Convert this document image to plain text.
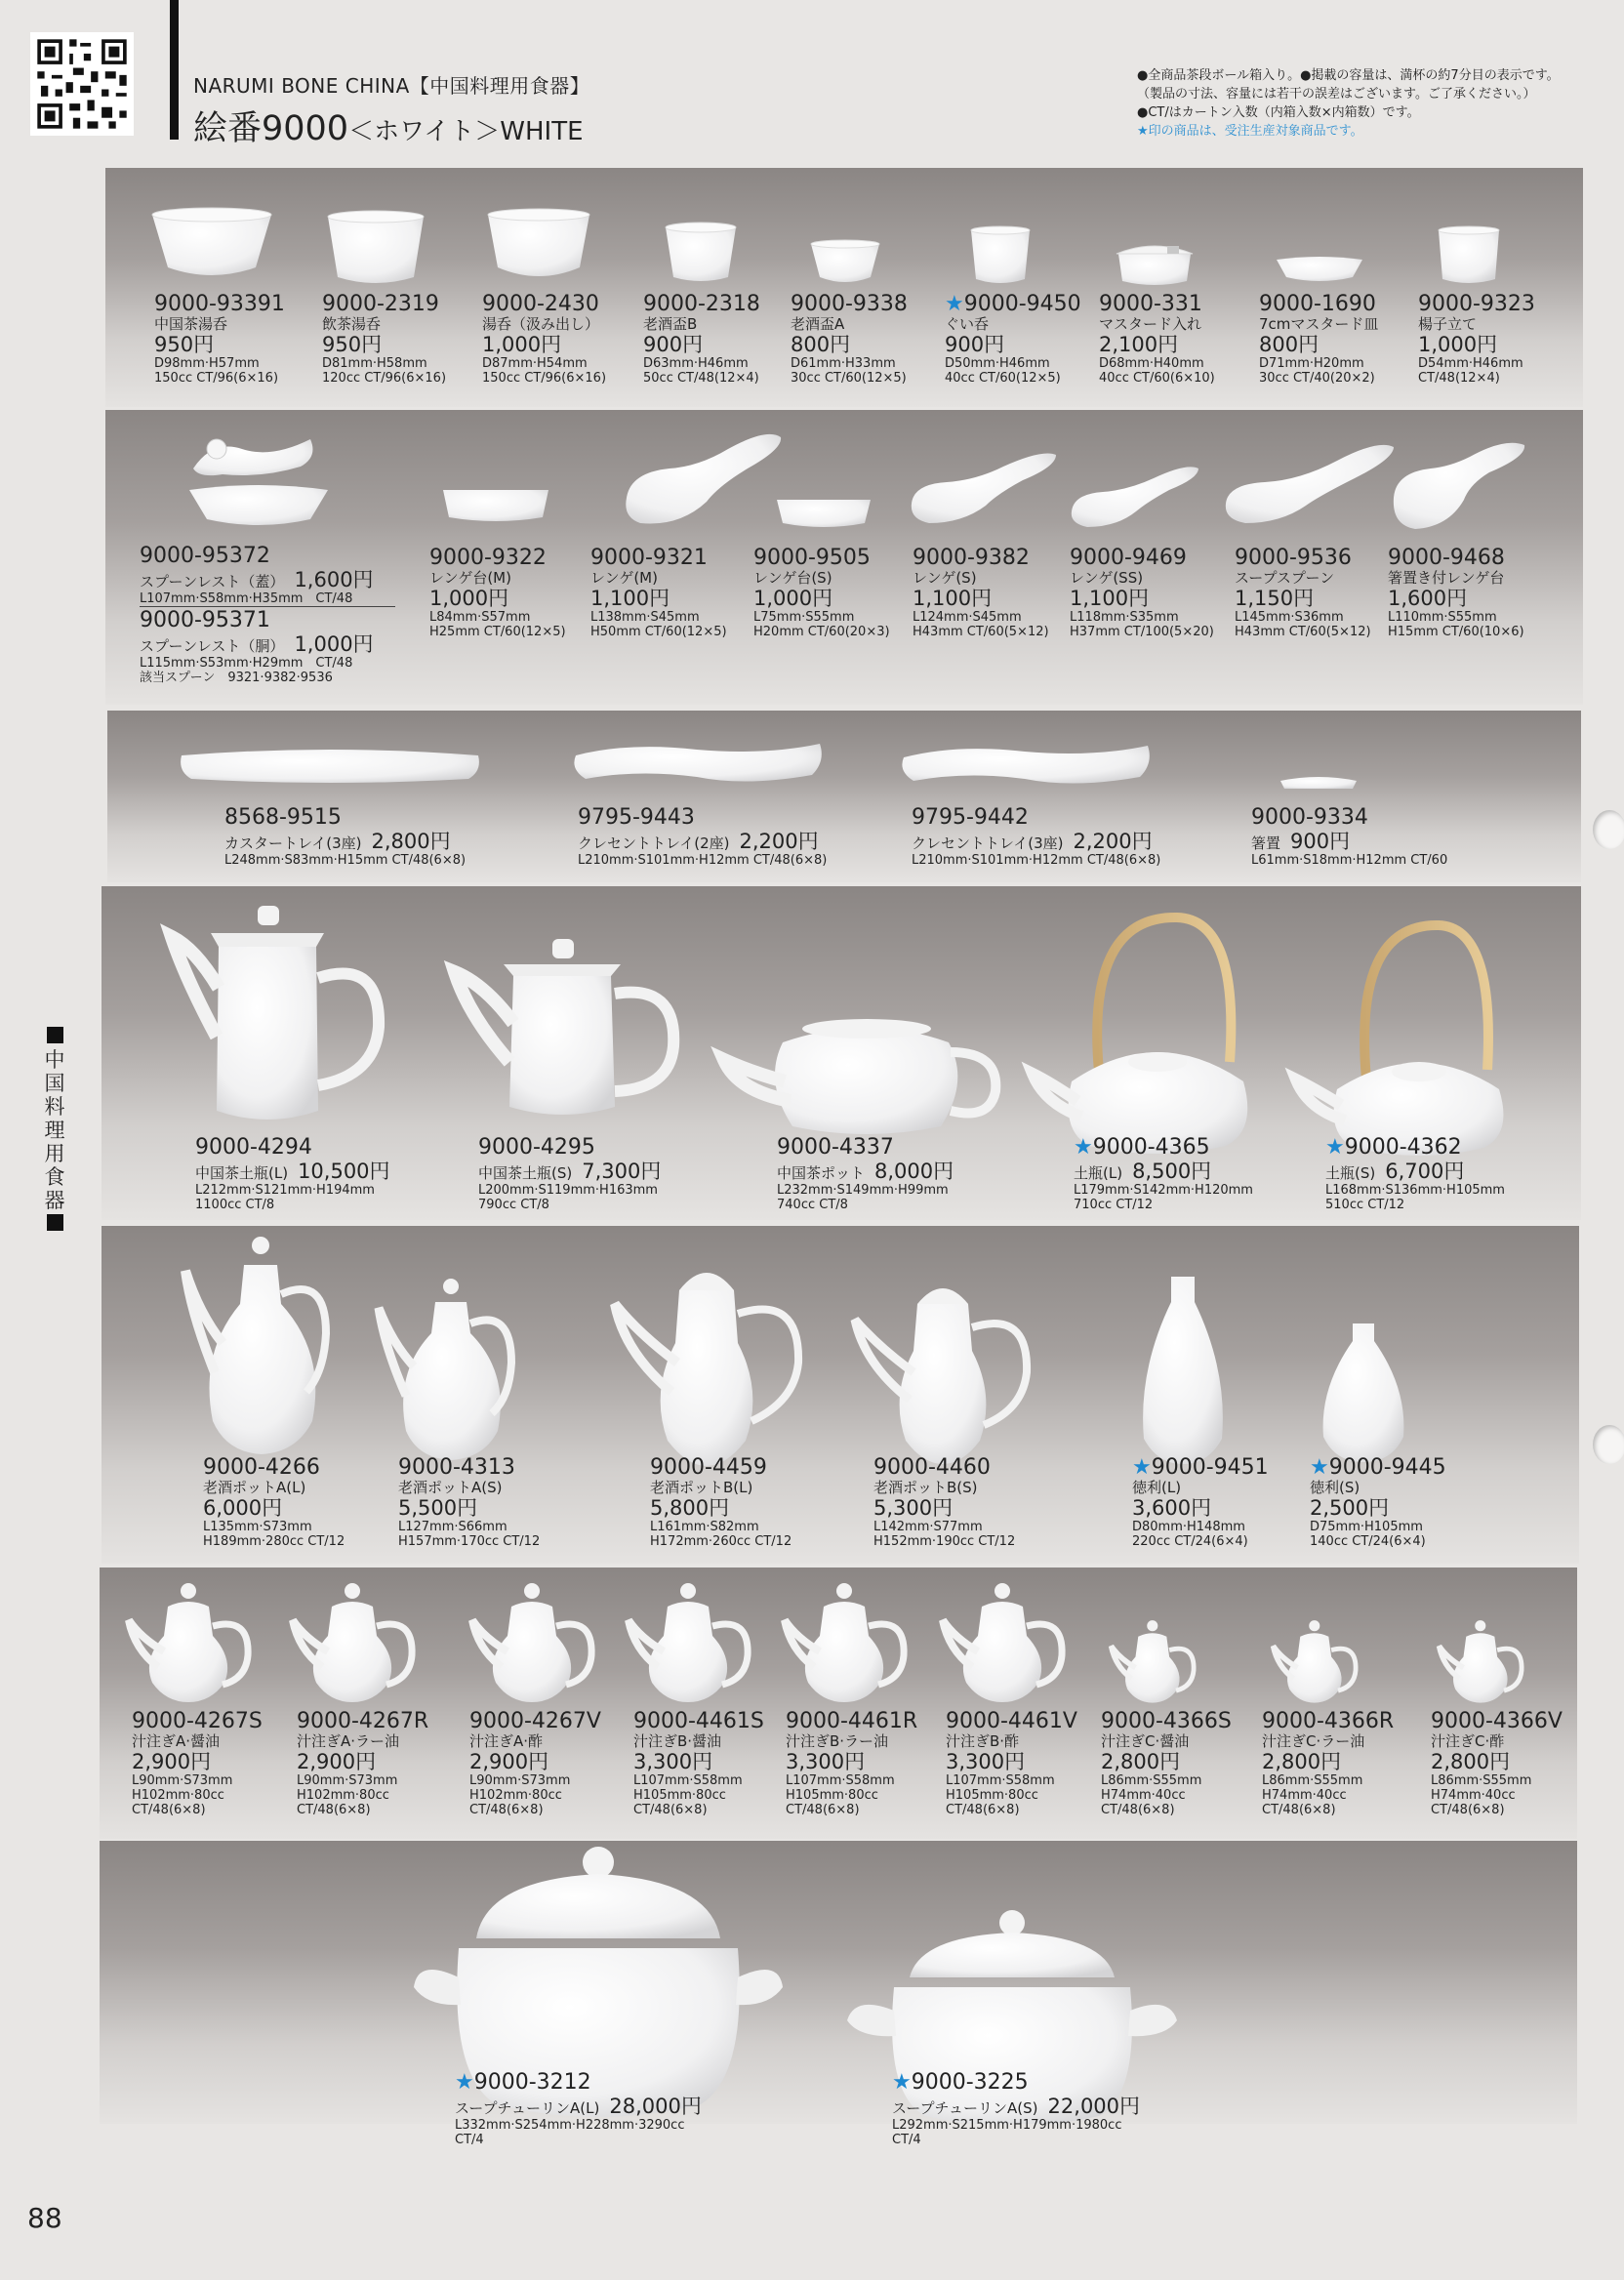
NARUMI BONE CHINA【中国料理用食器】
絵番9000＜ホワイト＞WHITE
●全商品茶段ボール箱入り。●掲載の容量は、満杯の約7分目の表示です。
（製品の寸法、容量には若干の誤差はございます。ご了承ください。）
●CT/はカートン入数（内箱入数×内箱数）です。
★印の商品は、受注生産対象商品です。
中国料理用食器
88
9000-95372
スプーンレスト（蓋） 1,600円
L107mm·S58mm·H35mm　CT/48
9000-95371
スプーンレスト（胴） 1,000円
L115mm·S53mm·H29mm　CT/48
該当スプーン　9321·9382·9536
9000-93391
中国茶湯呑
950円
D98mm·H57mm
150cc CT/96(6×16)
9000-2319
飲茶湯呑
950円
D81mm·H58mm
120cc CT/96(6×16)
9000-2430
湯呑（汲み出し）
1,000円
D87mm·H54mm
150cc CT/96(6×16)
9000-2318
老酒盃B
900円
D63mm·H46mm
50cc CT/48(12×4)
9000-9338
老酒盃A
800円
D61mm·H33mm
30cc CT/60(12×5)
★9000-9450
ぐい呑
900円
D50mm·H46mm
40cc CT/60(12×5)
9000-331
マスタード入れ
2,100円
D68mm·H40mm
40cc CT/60(6×10)
9000-1690
7cmマスタード皿
800円
D71mm·H20mm
30cc CT/40(20×2)
9000-9323
楊子立て
1,000円
D54mm·H46mm
CT/48(12×4)
9000-9322
レンゲ台(M)
1,000円
L84mm·S57mm
H25mm CT/60(12×5)
9000-9321
レンゲ(M)
1,100円
L138mm·S45mm
H50mm CT/60(12×5)
9000-9505
レンゲ台(S)
1,000円
L75mm·S55mm
H20mm CT/60(20×3)
9000-9382
レンゲ(S)
1,100円
L124mm·S45mm
H43mm CT/60(5×12)
9000-9469
レンゲ(SS)
1,100円
L118mm·S35mm
H37mm CT/100(5×20)
9000-9536
スープスプーン
1,150円
L145mm·S36mm
H43mm CT/60(5×12)
9000-9468
箸置き付レンゲ台
1,600円
L110mm·S55mm
H15mm CT/60(10×6)
9000-4294
中国茶土瓶(L) 10,500円
L212mm·S121mm·H194mm
1100cc CT/8
9000-4295
中国茶土瓶(S) 7,300円
L200mm·S119mm·H163mm
790cc CT/8
9000-4337
中国茶ポット 8,000円
L232mm·S149mm·H99mm
740cc CT/8
★9000-4365
土瓶(L) 8,500円
L179mm·S142mm·H120mm
710cc CT/12
★9000-4362
土瓶(S) 6,700円
L168mm·S136mm·H105mm
510cc CT/12
9000-4266
老酒ポットA(L)
6,000円
L135mm·S73mm
H189mm·280cc CT/12
9000-4313
老酒ポットA(S)
5,500円
L127mm·S66mm
H157mm·170cc CT/12
9000-4459
老酒ポットB(L)
5,800円
L161mm·S82mm
H172mm·260cc CT/12
9000-4460
老酒ポットB(S)
5,300円
L142mm·S77mm
H152mm·190cc CT/12
★9000-9451
徳利(L)
3,600円
D80mm·H148mm
220cc CT/24(6×4)
★9000-9445
徳利(S)
2,500円
D75mm·H105mm
140cc CT/24(6×4)
9000-4267S
汁注ぎA·醤油
2,900円
L90mm·S73mm
H102mm·80cc
CT/48(6×8)
9000-4267R
汁注ぎA·ラー油
2,900円
L90mm·S73mm
H102mm·80cc
CT/48(6×8)
9000-4267V
汁注ぎA·酢
2,900円
L90mm·S73mm
H102mm·80cc
CT/48(6×8)
9000-4461S
汁注ぎB·醤油
3,300円
L107mm·S58mm
H105mm·80cc
CT/48(6×8)
9000-4461R
汁注ぎB·ラー油
3,300円
L107mm·S58mm
H105mm·80cc
CT/48(6×8)
9000-4461V
汁注ぎB·酢
3,300円
L107mm·S58mm
H105mm·80cc
CT/48(6×8)
9000-4366S
汁注ぎC·醤油
2,800円
L86mm·S55mm
H74mm·40cc
CT/48(6×8)
9000-4366R
汁注ぎC·ラー油
2,800円
L86mm·S55mm
H74mm·40cc
CT/48(6×8)
9000-4366V
汁注ぎC·酢
2,800円
L86mm·S55mm
H74mm·40cc
CT/48(6×8)
8568-9515
カスタートレイ(3座) 2,800円
L248mm·S83mm·H15mm CT/48(6×8)
9795-9443
クレセントトレイ(2座) 2,200円
L210mm·S101mm·H12mm CT/48(6×8)
9795-9442
クレセントトレイ(3座) 2,200円
L210mm·S101mm·H12mm CT/48(6×8)
9000-9334
箸置 900円
L61mm·S18mm·H12mm CT/60
★9000-3212
スープチューリンA(L) 28,000円
L332mm·S254mm·H228mm·3290cc
CT/4
★9000-3225
スープチューリンA(S) 22,000円
L292mm·S215mm·H179mm·1980cc
CT/4
